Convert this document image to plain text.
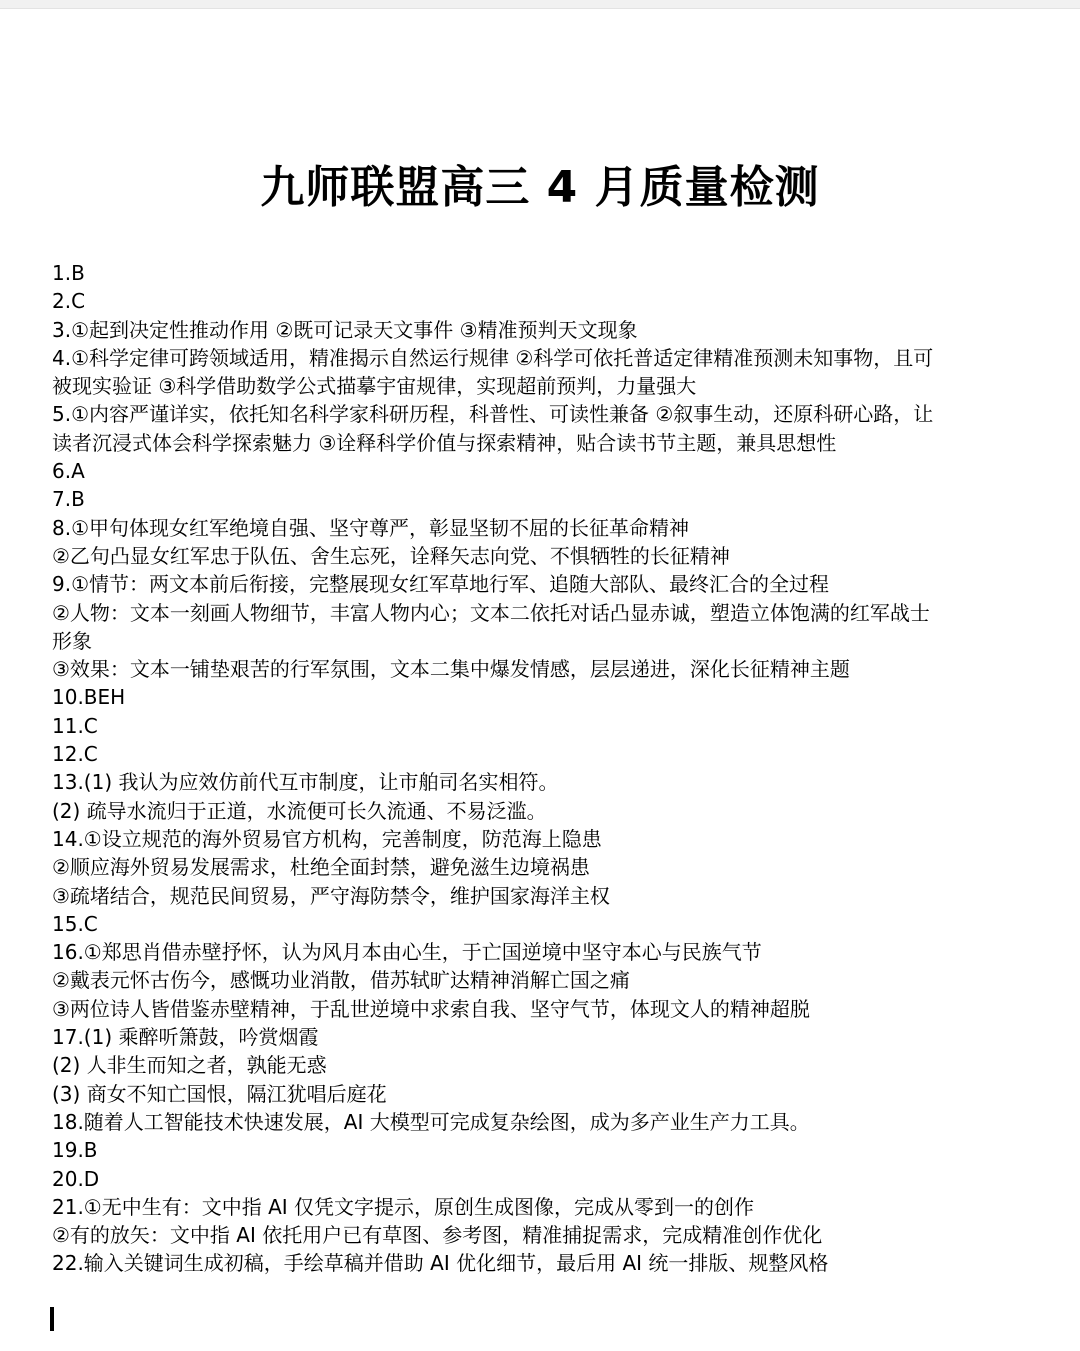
九师联盟高三 4 月质量检测
1.B
2.C
3.①起到决定性推动作用 ②既可记录天文事件 ③精准预判天文现象
4.①科学定律可跨领域适用，精准揭示自然运行规律 ②科学可依托普适定律精准预测未知事物，且可
被现实验证 ③科学借助数学公式描摹宇宙规律，实现超前预判，力量强大
5.①内容严谨详实，依托知名科学家科研历程，科普性、可读性兼备 ②叙事生动，还原科研心路，让
读者沉浸式体会科学探索魅力 ③诠释科学价值与探索精神，贴合读书节主题，兼具思想性
6.A
7.B
8.①甲句体现女红军绝境自强、坚守尊严，彰显坚韧不屈的长征革命精神
②乙句凸显女红军忠于队伍、舍生忘死，诠释矢志向党、不惧牺牲的长征精神
9.①情节：两文本前后衔接，完整展现女红军草地行军、追随大部队、最终汇合的全过程
②人物：文本一刻画人物细节，丰富人物内心；文本二依托对话凸显赤诚，塑造立体饱满的红军战士
形象
③效果：文本一铺垫艰苦的行军氛围，文本二集中爆发情感，层层递进，深化长征精神主题
10.BEH
11.C
12.C
13.(1) 我认为应效仿前代互市制度，让市舶司名实相符。
(2) 疏导水流归于正道，水流便可长久流通、不易泛滥。
14.①设立规范的海外贸易官方机构，完善制度，防范海上隐患
②顺应海外贸易发展需求，杜绝全面封禁，避免滋生边境祸患
③疏堵结合，规范民间贸易，严守海防禁令，维护国家海洋主权
15.C
16.①郑思肖借赤壁抒怀，认为风月本由心生，于亡国逆境中坚守本心与民族气节
②戴表元怀古伤今，感慨功业消散，借苏轼旷达精神消解亡国之痛
③两位诗人皆借鉴赤壁精神，于乱世逆境中求索自我、坚守气节，体现文人的精神超脱
17.(1) 乘醉听箫鼓，吟赏烟霞
(2) 人非生而知之者，孰能无惑
(3) 商女不知亡国恨，隔江犹唱后庭花
18.随着人工智能技术快速发展，AI 大模型可完成复杂绘图，成为多产业生产力工具。
19.B
20.D
21.①无中生有：文中指 AI 仅凭文字提示，原创生成图像，完成从零到一的创作
②有的放矢：文中指 AI 依托用户已有草图、参考图，精准捕捉需求，完成精准创作优化
22.输入关键词生成初稿，手绘草稿并借助 AI 优化细节，最后用 AI 统一排版、规整风格
